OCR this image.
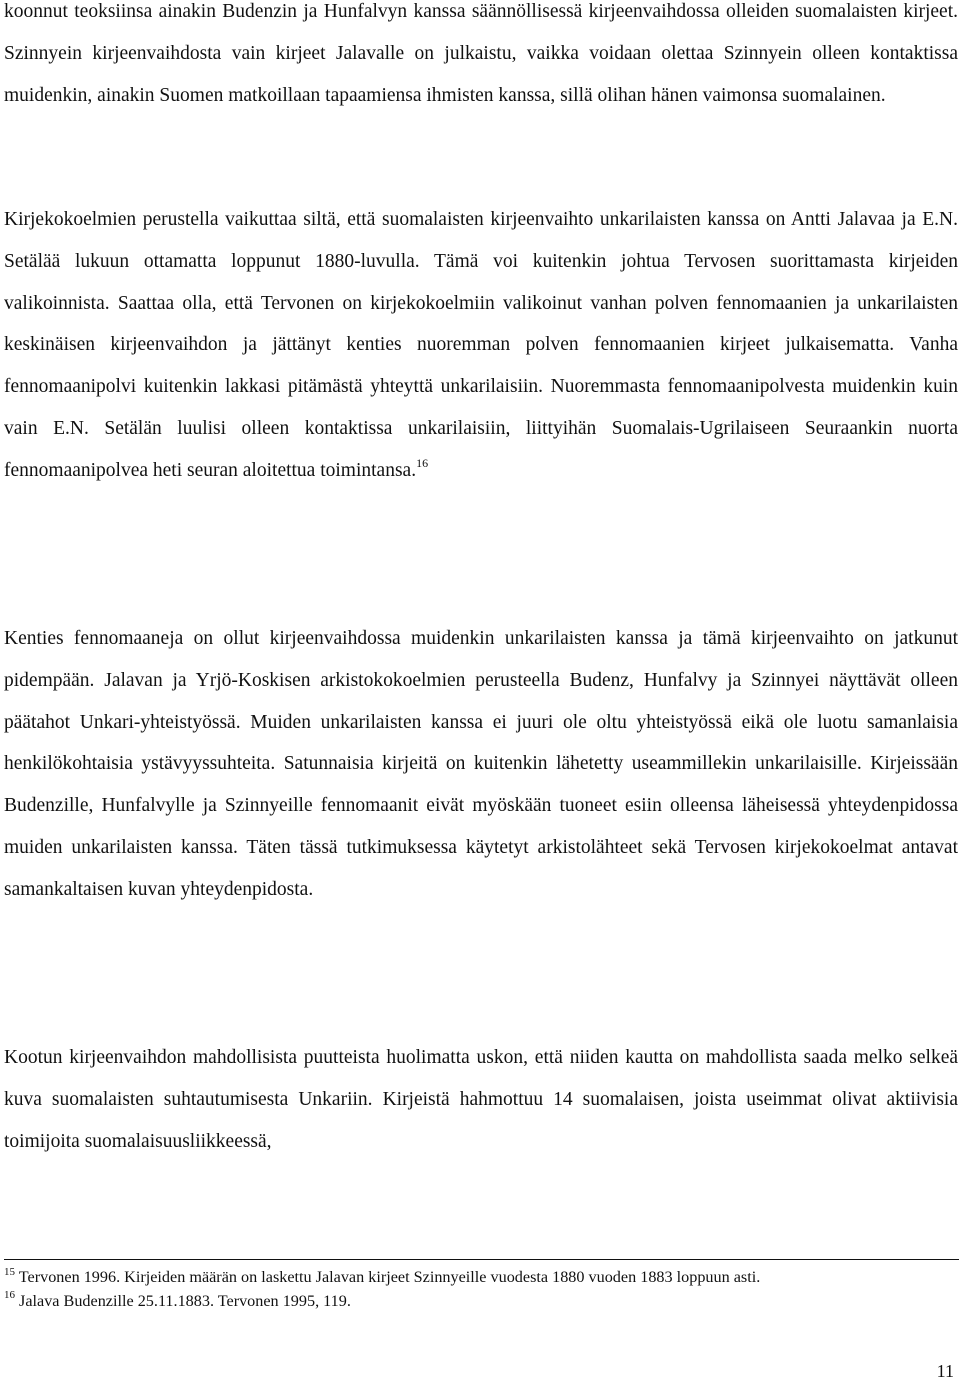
koonnut teoksiinsa ainakin Budenzin ja Hunfalvyn kanssa säännöllisessä kirjeenvaihdossa olleiden suomalaisten kirjeet. Szinnyein kirjeenvaihdosta vain kirjeet Jalavalle on julkaistu, vaikka voidaan olettaa Szinnyein olleen kontaktissa muidenkin, ainakin Suomen matkoillaan tapaamiensa ihmisten kanssa, sillä olihan hänen vaimonsa suomalainen.

Kirjekokoelmien perustella vaikuttaa siltä, että suomalaisten kirjeenvaihto unkarilaisten kanssa on Antti Jalavaa ja E.N. Setälää lukuun ottamatta loppunut 1880-luvulla. Tämä voi kuitenkin johtua Tervosen suorittamasta kirjeiden valikoinnista. Saattaa olla, että Tervonen on kirjekokoelmiin valikoinut vanhan polven fennomaanien ja unkarilaisten keskinäisen kirjeenvaihdon ja jättänyt kenties nuoremman polven fennomaanien kirjeet julkaisematta. Vanha fennomaanipolvi kuitenkin lakkasi pitämästä yhteyttä unkarilaisiin. Nuoremmasta fennomaanipolvesta muidenkin kuin vain E.N. Setälän luulisi olleen kontaktissa unkarilaisiin, liittyihän Suomalais-Ugrilaiseen Seuraankin nuorta fennomaanipolvea heti seuran aloitettua toimintansa.$^{16}$

Kenties fennomaaneja on ollut kirjeenvaihdossa muidenkin unkarilaisten kanssa ja tämä kirjeenvaihto on jatkunut pidempään. Jalavan ja Yrjö-Koskisen arkistokokoelmien perusteella Budenz, Hunfalvy ja Szinnyei näyttävät olleen päätahot Unkari-yhteistyössä. Muiden unkarilaisten kanssa ei juuri ole oltu yhteistyössä eikä ole luotu samanlaisia henkilökohtaisia ystävyyssuhteita. Satunnaisia kirjeitä on kuitenkin lähetetty useammillekin unkarilaisille. Kirjeissään Budenzille, Hunfalvylle ja Szinnyeille fennomaanit eivät myöskään tuoneet esiin olleensa läheisessä yhteydenpidossa muiden unkarilaisten kanssa. Täten tässä tutkimuksessa käytetyt arkistolähteet sekä Tervosen kirjekokoelmat antavat samankaltaisen kuvan yhteydenpidosta.

Kootun kirjeenvaihdon mahdollisista puutteista huolimatta uskon, että niiden kautta on mahdollista saada melko selkeä kuva suomalaisten suhtautumisesta Unkariin. Kirjeistä hahmottuu 14 suomalaisen, joista useimmat olivat aktiivisia toimijoita suomalaisuusliikkeessä,

$^{15}$ Tervonen 1996. Kirjeiden määrän on laskettu Jalavan kirjeet Szinnyeille vuodesta 1880 vuoden 1883 loppuun asti.

$^{16}$ Jalava Budenzille 25.11.1883. Tervonen 1995, 119.

11
